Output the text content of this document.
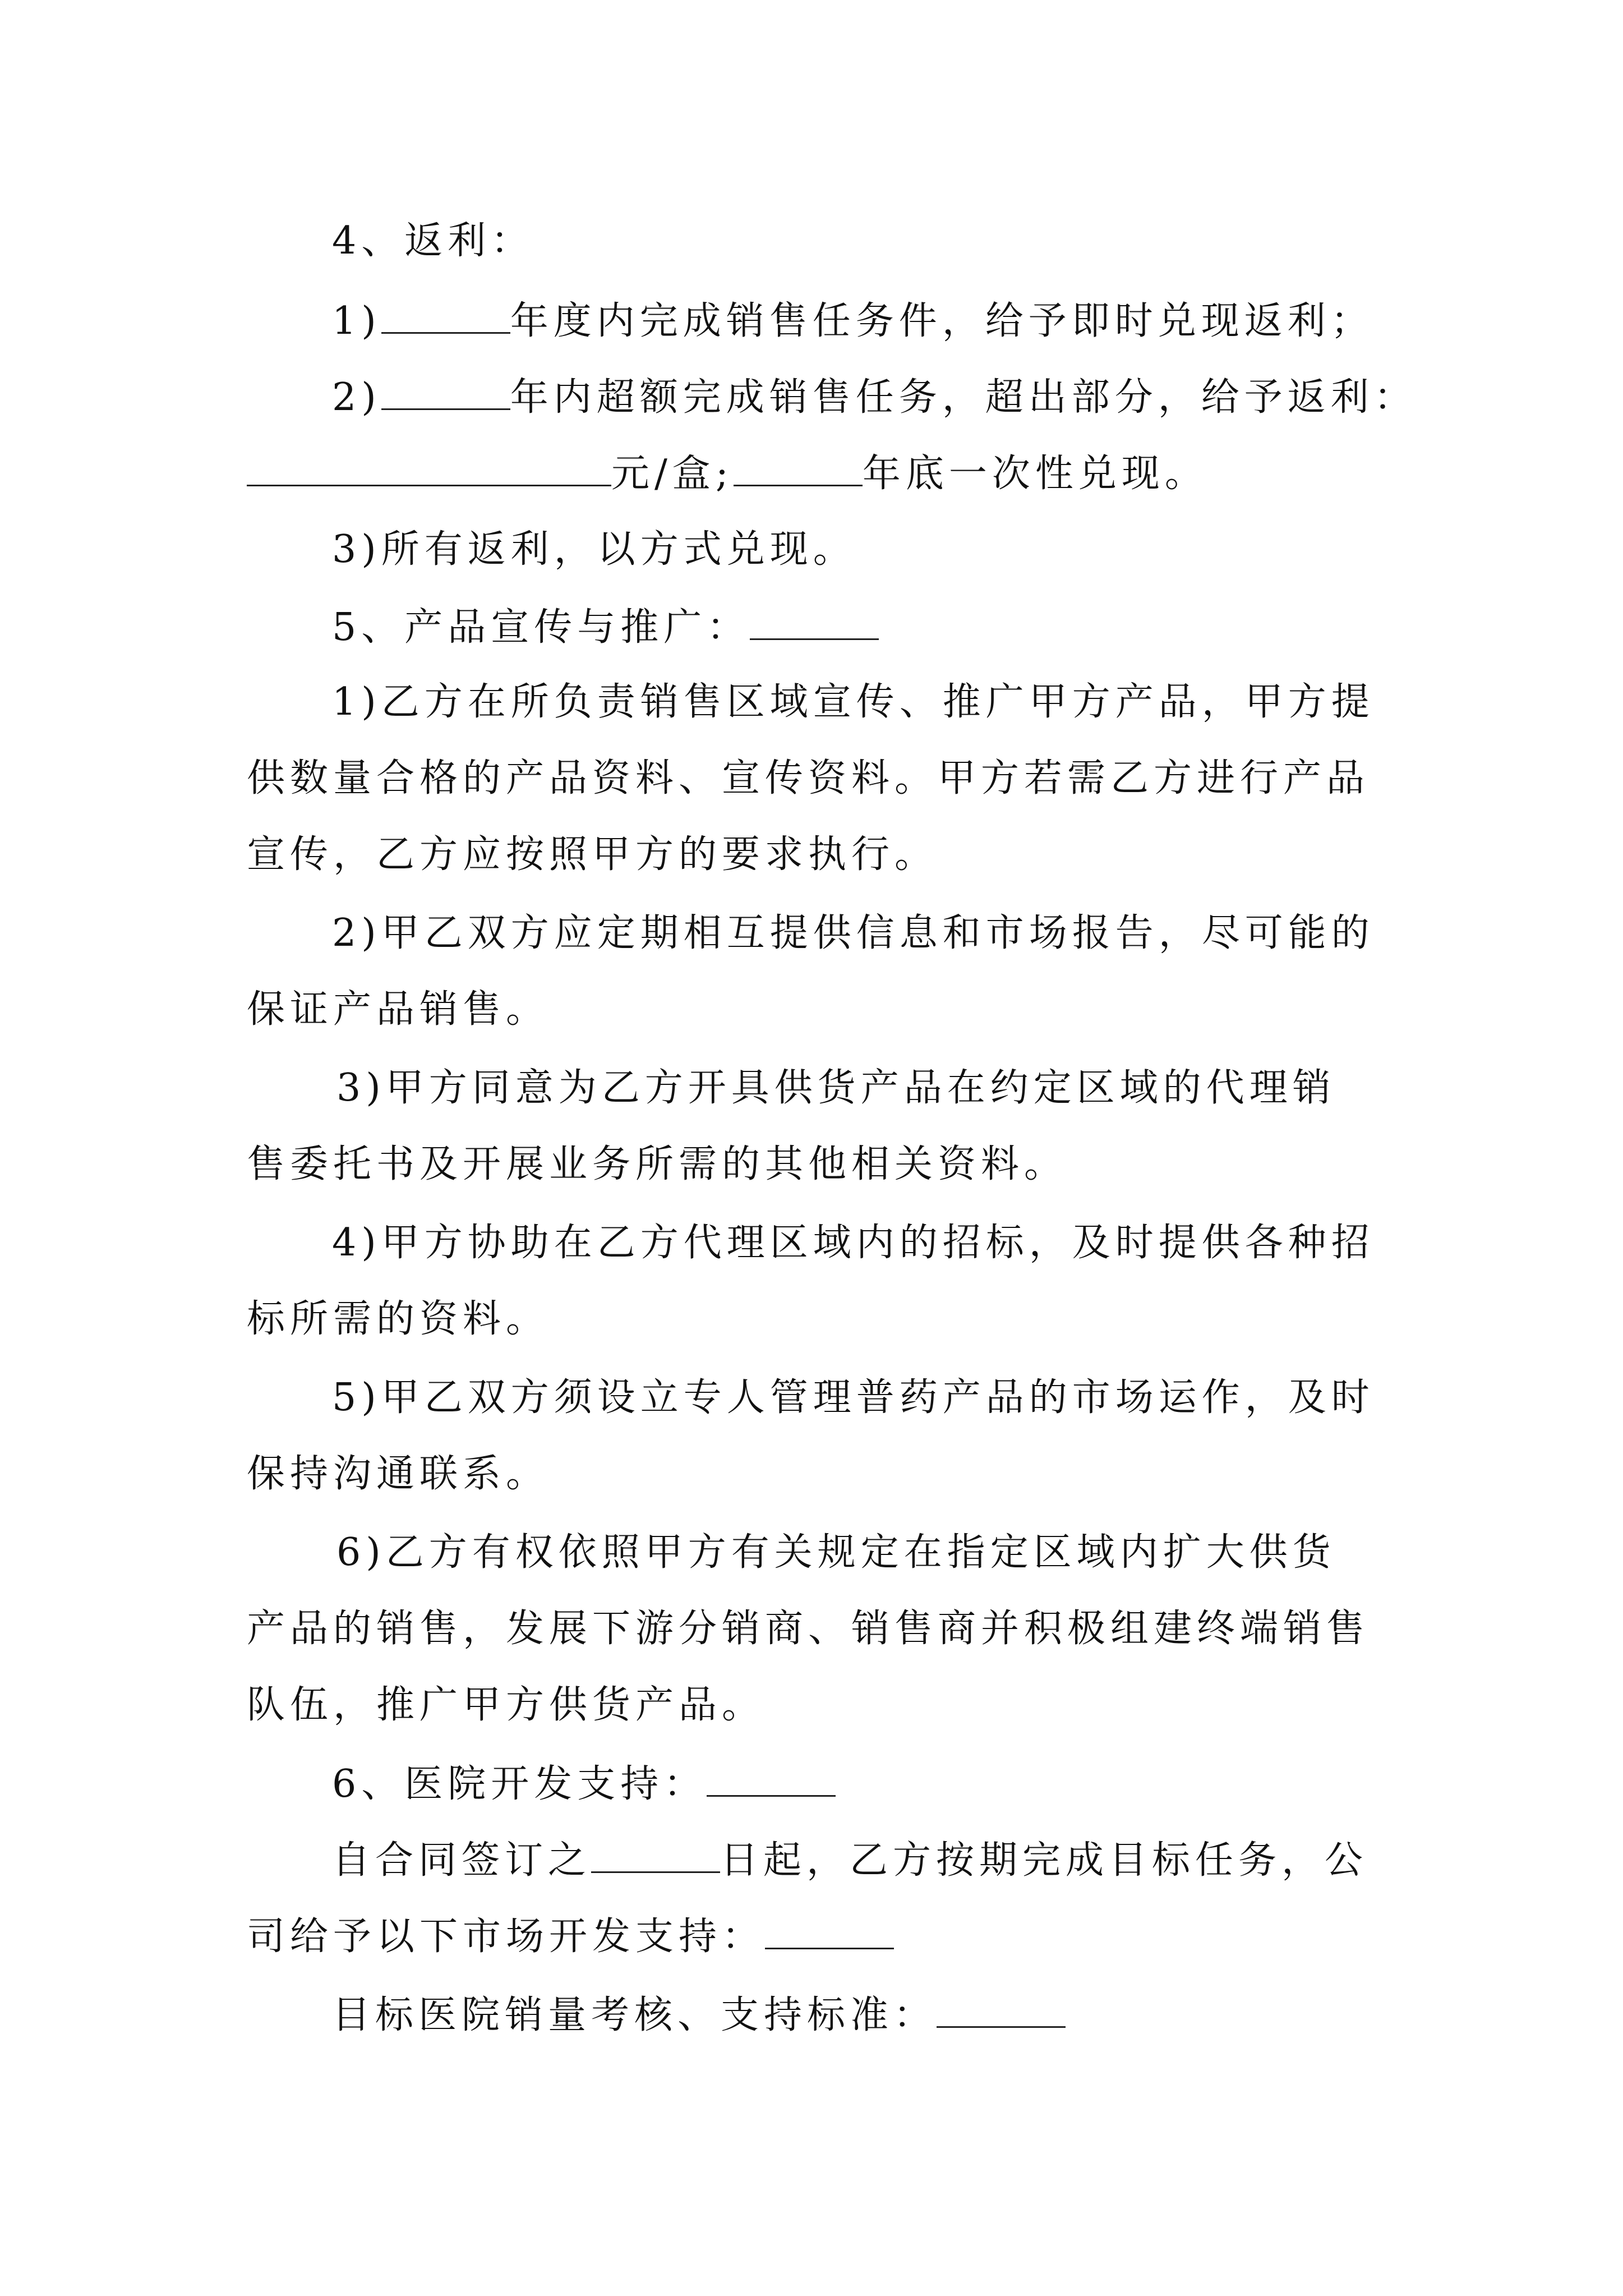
4、返利：
1)	年度内完成销售任务件，给予即时兑现返利；
2)	年内超额完成销售任务，超出部分，给予返利：
元/盒;	年底一次性兑现。
3)所有返利，以方式兑现。
5、产品宣传与推广：
1)乙方在所负责销售区域宣传、推广甲方产品，甲方提
供数量合格的产品资料、宣传资料。甲方若需乙方进行产品
宣传，乙方应按照甲方的要求执行。
2)甲乙双方应定期相互提供信息和市场报告，尽可能的
保证产品销售。
3)甲方同意为乙方开具供货产品在约定区域的代理销
售委托书及开展业务所需的其他相关资料。
4)甲方协助在乙方代理区域内的招标，及时提供各种招
标所需的资料。
5)甲乙双方须设立专人管理普药产品的市场运作，及时
保持沟通联系。
6)乙方有权依照甲方有关规定在指定区域内扩大供货
产品的销售，发展下游分销商、销售商并积极组建终端销售
队伍，推广甲方供货产品。
6、医院开发支持：
自合同签订之	日起，乙方按期完成目标任务，公
司给予以下市场开发支持：
目标医院销量考核、支持标准：
